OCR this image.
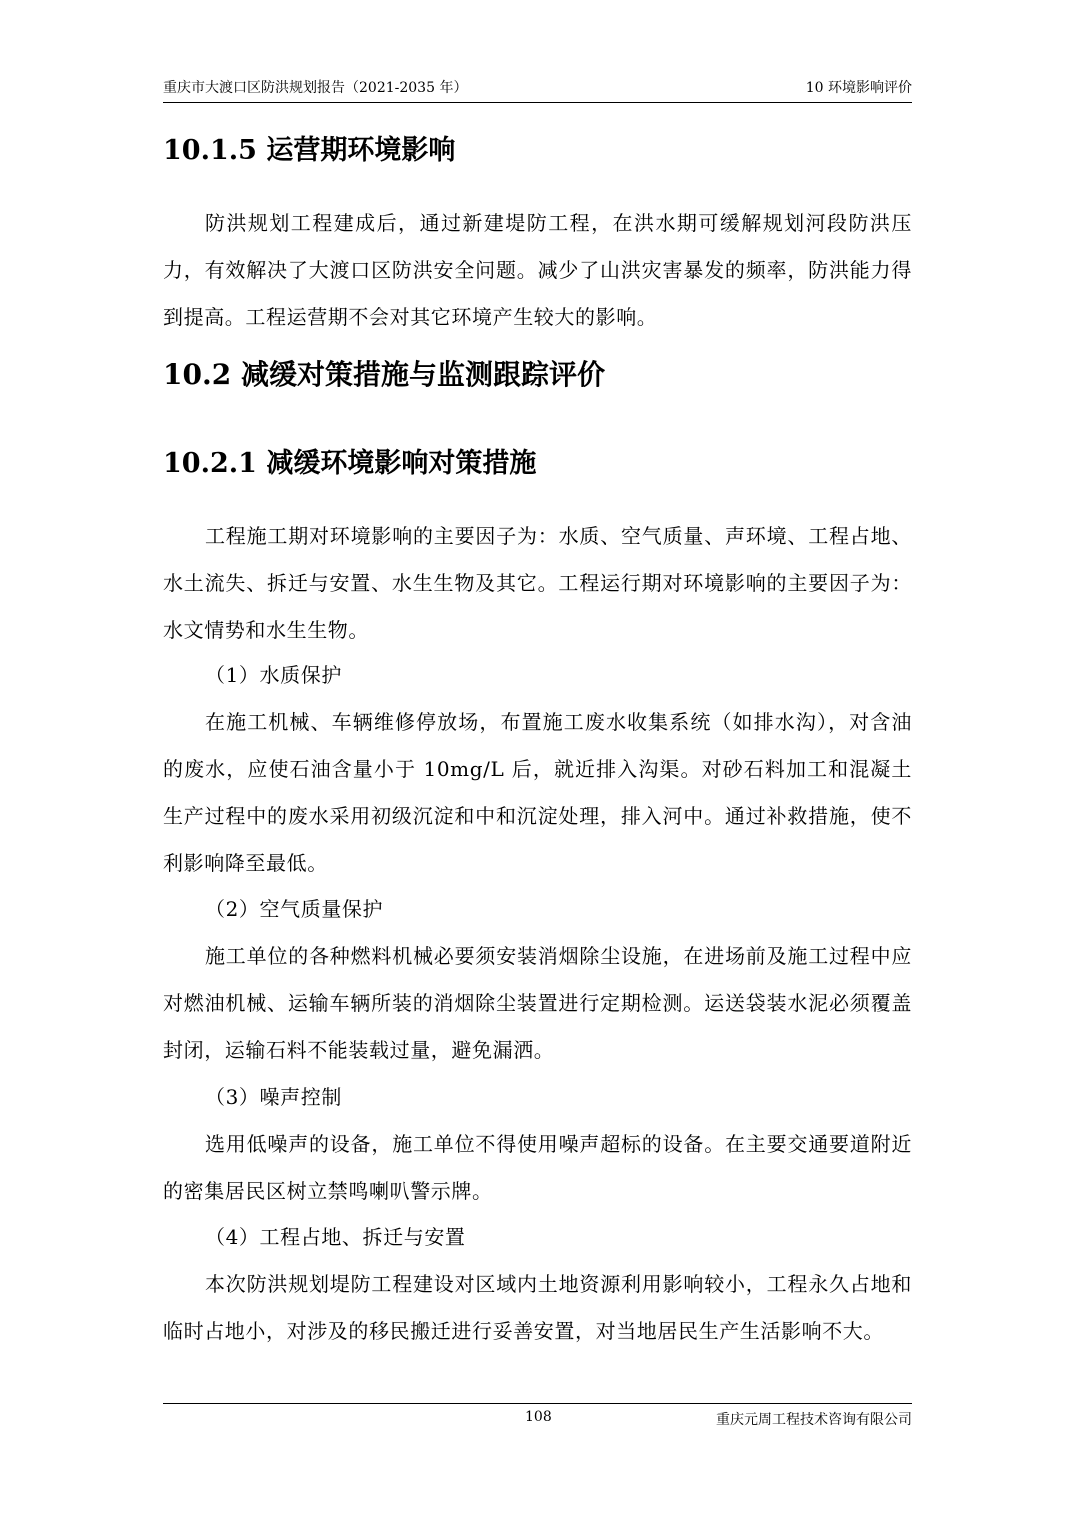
重庆市大渡口区防洪规划报告（2021-2035 年）	10 环境影响评价
10.1.5 运营期环境影响

防洪规划工程建成后，通过新建堤防工程，在洪水期可缓解规划河段防洪压力，有效解决了大渡口区防洪安全问题。减少了山洪灾害暴发的频率，防洪能力得到提高。工程运营期不会对其它环境产生较大的影响。

10.2 减缓对策措施与监测跟踪评价
10.2.1 减缓环境影响对策措施

工程施工期对环境影响的主要因子为：水质、空气质量、声环境、工程占地、水土流失、拆迁与安置、水生生物及其它。工程运行期对环境影响的主要因子为：水文情势和水生生物。

（1）水质保护

在施工机械、车辆维修停放场，布置施工废水收集系统（如排水沟），对含油的废水，应使石油含量小于 10mg/L 后，就近排入沟渠。对砂石料加工和混凝土生产过程中的废水采用初级沉淀和中和沉淀处理，排入河中。通过补救措施，使不利影响降至最低。

（2）空气质量保护

施工单位的各种燃料机械必要须安装消烟除尘设施，在进场前及施工过程中应对燃油机械、运输车辆所装的消烟除尘装置进行定期检测。运送袋装水泥必须覆盖封闭，运输石料不能装载过量，避免漏洒。

（3）噪声控制

选用低噪声的设备，施工单位不得使用噪声超标的设备。在主要交通要道附近的密集居民区树立禁鸣喇叭警示牌。

（4）工程占地、拆迁与安置

本次防洪规划堤防工程建设对区域内土地资源利用影响较小，工程永久占地和临时占地小，对涉及的移民搬迁进行妥善安置，对当地居民生产生活影响不大。

108	重庆元周工程技术咨询有限公司
